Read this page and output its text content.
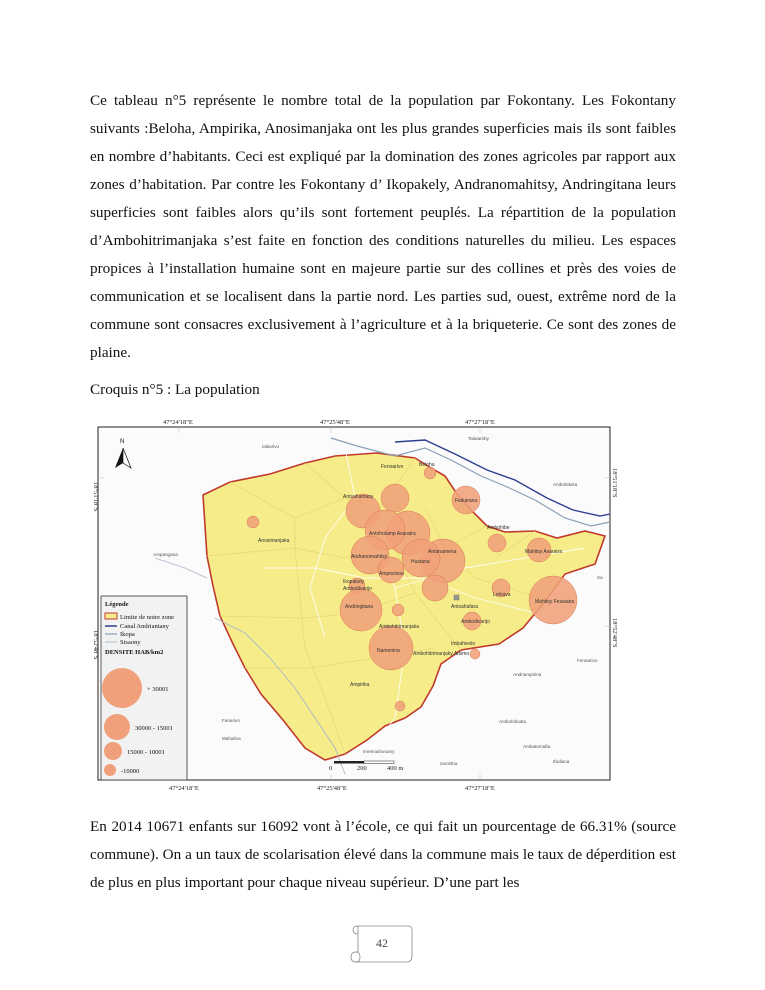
Ce tableau n°5 représente le nombre total de la population par Fokontany. Les Fokontany suivants :Beloha, Ampirika, Anosimanjaka ont les plus grandes superficies mais ils sont faibles en nombre d’habitants. Ceci est expliqué par la domination des zones agricoles par rapport aux zones d’habitation. Par contre les Fokontany d’ Ikopakely, Andranomahitsy, Andringitana leurs superficies sont faibles alors qu’ils sont fortement peuplés. La répartition de la population d’Ambohitrimanjaka s’est faite en fonction des conditions naturelles du milieu. Les espaces propices à l’installation humaine sont en majeure partie sur des collines et près des voies de communication et se localisent dans la partie nord. Les parties sud, ouest, extrême nord de la commune sont consacres exclusivement à l’agriculture et à la briqueterie. Ce sont des zones de plaine.

Croquis n°5 : La population

47°24'18"E	47°25'48"E	47°27'18"E
47°24'18"E	47°25'48"E	47°27'18"E
18°51'18"S
18°52'48"S
18°51'18"S
18°52'48"S
Beloha
Fenoarivo
Antsahamasy
Fiakarana
Anosimanjaka
Antoholamp Avaratra
Ambohibe
Antanamena
Andranomahitsy
Mahitsy Avaratra
Hustana
Ampozisoa
Ikopakely
Ambodivarijo
Lohiava
Antsahafara
Mahitsy Fesiaana
Andringitana
Ambohitrimanjaka
Ambodivarijo
Namonina	Ambohitrimanjaky Atsimo
Imbahivolo
Ampirika
Iaikarivo
Talatamby
Ambohiketa
Ampangana
Sa
Fenoarivo
Andriampirina
Ambohiboata
Ambatomafia
Ifadiana
Fanarivo
Mahalina
Imerinafovoany
Iavoloha
N
0	200	400 m
Légende
Limite de notre zone
Canal Andriantany
Ikopa
Sisaony
DENSITE HAB/km2
+ 30001
30000 - 15001
15000 - 10001
-10000

En 2014 10671 enfants sur 16092 vont à l’école, ce qui fait un pourcentage de 66.31% (source commune). On a un taux de scolarisation élevé dans la commune mais le taux de déperdition est de plus en plus important pour chaque niveau supérieur. D’une part les

42
